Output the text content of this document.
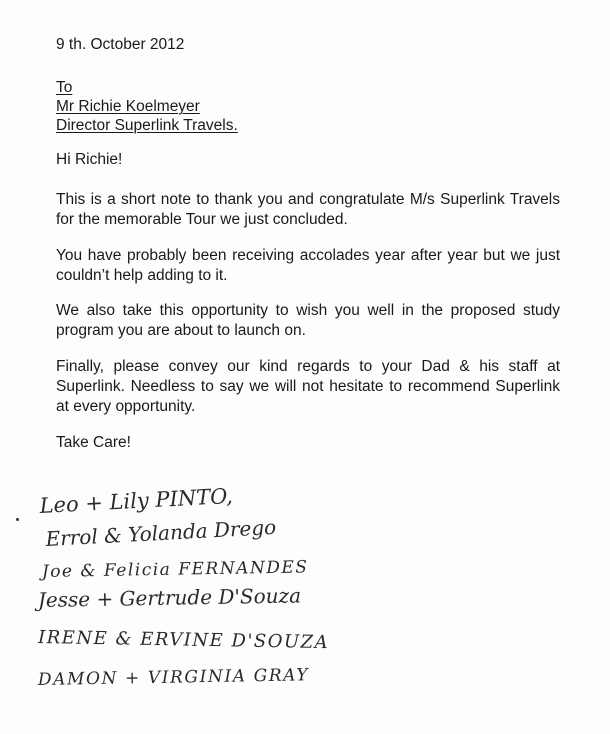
9 th. October 2012
To
Mr Richie Koelmeyer
Director Superlink Travels.
Hi Richie!
This is a short note to thank you and congratulate M/s Superlink Travels for the memorable Tour we just concluded.
You have probably been receiving accolades year after year but we just couldn’t help adding to it.
We also take this opportunity to wish you well in the proposed study program you are about to launch on.
Finally, please convey our kind regards to your Dad & his staff at Superlink. Needless to say we will not hesitate to recommend Superlink at every opportunity.
Take Care!
Leo + Lily PINTO,
Errol & Yolanda Drego
Joe & Felicia FERNANDES
Jesse + Gertrude D'Souza
IRENE & ERVINE D'SOUZA
DAMON + VIRGINIA GRAY
